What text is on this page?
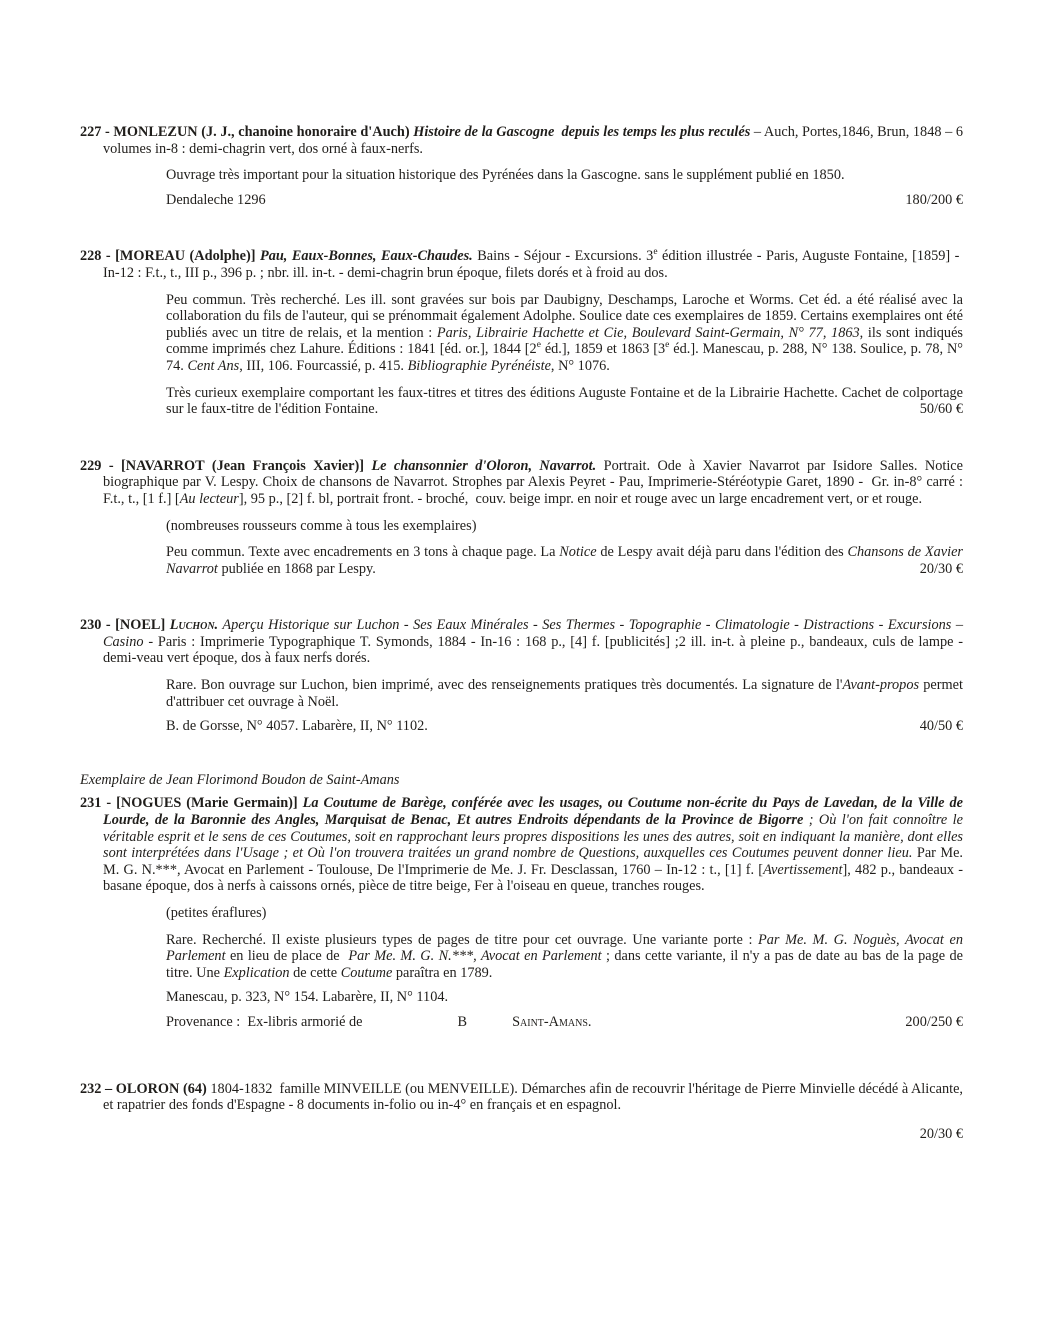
227 - MONLEZUN (J. J., chanoine honoraire d'Auch) Histoire de la Gascogne  depuis les temps les plus reculés – Auch, Portes,1846, Brun, 1848 – 6 volumes in-8 : demi-chagrin vert, dos orné à faux-nerfs.

Ouvrage très important pour la situation historique des Pyrénées dans la Gascogne. sans le supplément publié en 1850.

Dendaleche 1296	180/200 €

228 - [MOREAU (Adolphe)] Pau, Eaux-Bonnes, Eaux-Chaudes. Bains - Séjour - Excursions. 3e édition illustrée - Paris, Auguste Fontaine, [1859] -  In-12 : F.t., t., III p., 396 p. ; nbr. ill. in-t. - demi-chagrin brun époque, filets dorés et à froid au dos.

Peu commun. Très recherché. Les ill. sont gravées sur bois par Daubigny, Deschamps, Laroche et Worms. Cet éd. a été réalisé avec la collaboration du fils de l'auteur, qui se prénommait également Adolphe. Soulice date ces exemplaires de 1859. Certains exemplaires ont été publiés avec un titre de relais, et la mention : Paris, Librairie Hachette et Cie, Boulevard Saint-Germain, N° 77, 1863, ils sont indiqués comme imprimés chez Lahure. Éditions : 1841 [éd. or.], 1844 [2e éd.], 1859 et 1863 [3e éd.]. Manescau, p. 288, N° 138. Soulice, p. 78, N° 74. Cent Ans, III, 106. Fourcassié, p. 415. Bibliographie Pyrénéiste, N° 1076.

Très curieux exemplaire comportant les faux-titres et titres des éditions Auguste Fontaine et de la Librairie Hachette. Cachet de colportage sur le faux-titre de l'édition Fontaine.	50/60 €

229 - [NAVARROT (Jean François Xavier)] Le chansonnier d'Oloron, Navarrot. Portrait. Ode à Xavier Navarrot par Isidore Salles. Notice biographique par V. Lespy. Choix de chansons de Navarrot. Strophes par Alexis Peyret - Pau, Imprimerie-Stéréotypie Garet, 1890 -  Gr. in-8° carré : F.t., t., [1 f.] [Au lecteur], 95 p., [2] f. bl, portrait front. - broché,  couv. beige impr. en noir et rouge avec un large encadrement vert, or et rouge.

(nombreuses rousseurs comme à tous les exemplaires)

Peu commun. Texte avec encadrements en 3 tons à chaque page. La Notice de Lespy avait déjà paru dans l'édition des Chansons de Xavier Navarrot publiée en 1868 par Lespy.	20/30 €

230 - [NOEL] Luchon. Aperçu Historique sur Luchon - Ses Eaux Minérales - Ses Thermes - Topographie - Climatologie - Distractions - Excursions – Casino - Paris : Imprimerie Typographique T. Symonds, 1884 - In-16 : 168 p., [4] f. [publicités] ;2 ill. in-t. à pleine p., bandeaux, culs de lampe - demi-veau vert époque, dos à faux nerfs dorés.

Rare. Bon ouvrage sur Luchon, bien imprimé, avec des renseignements pratiques très documentés. La signature de l'Avant-propos permet d'attribuer cet ouvrage à Noël.

B. de Gorsse, N° 4057. Labarère, II, N° 1102.	40/50 €

Exemplaire de Jean Florimond Boudon de Saint-Amans

231 - [NOGUES (Marie Germain)] La Coutume de Barège, conférée avec les usages, ou Coutume non-écrite du Pays de Lavedan, de la Ville de Lourde, de la Baronnie des Angles, Marquisat de Benac, Et autres Endroits dépendants de la Province de Bigorre ; Où l'on fait connoître le véritable esprit et le sens de ces Coutumes, soit en rapprochant leurs propres dispositions les unes des autres, soit en indiquant la manière, dont elles sont interprétées dans l'Usage ; et Où l'on trouvera traitées un grand nombre de Questions, auxquelles ces Coutumes peuvent donner lieu. Par Me. M. G. N.***, Avocat en Parlement - Toulouse, De l'Imprimerie de Me. J. Fr. Desclassan, 1760 – In-12 : t., [1] f. [Avertissement], 482 p., bandeaux - basane époque, dos à nerfs à caissons ornés, pièce de titre beige, Fer à l'oiseau en queue, tranches rouges.

(petites éraflures)

Rare. Recherché. Il existe plusieurs types de pages de titre pour cet ouvrage. Une variante porte : Par Me. M. G. Noguès, Avocat en Parlement en lieu de place de  Par Me. M. G. N.***, Avocat en Parlement ; dans cette variante, il n'y a pas de date au bas de la page de titre. Une Explication de cette Coutume paraîtra en 1789.

Manescau, p. 323, N° 154. Labarère, II, N° 1104.

Provenance :  Ex-libris armorié de	B	Saint-Amans.	200/250 €

232 – OLORON (64) 1804-1832  famille MINVEILLE (ou MENVEILLE). Démarches afin de recouvrir l'héritage de Pierre Minvielle décédé à Alicante, et rapatrier des fonds d'Espagne - 8 documents in-folio ou in-4° en français et en espagnol.

20/30 €
